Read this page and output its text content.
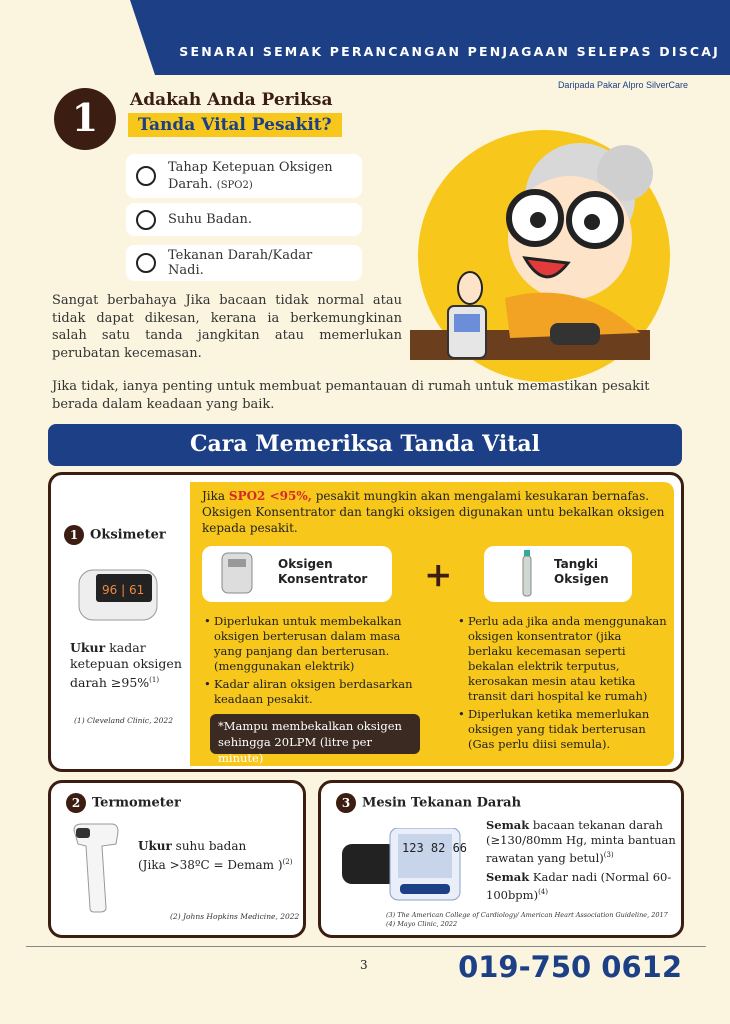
SENARAI SEMAK PERANCANGAN PENJAGAAN SELEPAS DISCAJ
Daripada Pakar Alpro SilverCare
1	Adakah Anda Periksa
Tanda Vital Pesakit?
Tahap Ketepuan Oksigen
Darah. (SPO2)
Suhu Badan.
Tekanan Darah/Kadar Nadi.
Sangat berbahaya Jika bacaan tidak normal atau tidak dapat dikesan, kerana ia berkemungkinan salah satu tanda jangkitan atau memerlukan perubatan kecemasan.
Jika tidak, ianya penting untuk membuat pemantauan di rumah untuk memastikan pesakit berada dalam keadaan yang baik.
Cara Memeriksa Tanda Vital
1 Oksimeter
96 | 61
Ukur kadar ketepuan oksigen darah ≥95%$^{(1)}$
(1) Cleveland Clinic, 2022
Jika SPO2 <95%, pesakit mungkin akan mengalami kesukaran bernafas. Oksigen Konsentrator dan tangki oksigen digunakan untu bekalkan oksigen kepada pesakit.
Oksigen
Konsentrator +	Tangki
Oksigen
• Diperlukan untuk membekalkan oksigen berterusan dalam masa yang panjang dan berterusan. (menggunakan elektrik)
• Kadar aliran oksigen berdasarkan keadaan pesakit.
*Mampu membekalkan oksigen sehingga 20LPM (litre per minute)
• Perlu ada jika anda menggunakan oksigen konsentrator (jika berlaku kecemasan seperti bekalan elektrik terputus, kerosakan mesin atau ketika transit dari hospital ke rumah)
• Diperlukan ketika memerlukan oksigen yang tidak berterusan (Gas perlu diisi semula).
2 Termometer
Ukur suhu badan
(Jika >38ºC = Demam )$^{(2)}$
(2) Johns Hopkins Medicine, 2022
3 Mesin Tekanan Darah
123 82 66
Semak bacaan tekanan darah (≥130/80mm Hg, minta bantuan rawatan yang betul)$^{(3)}$
Semak Kadar nadi (Normal 60- 100bpm)$^{(4)}$
(3) The American College of Cardiology/ American Heart Association Guideline, 2017
(4) Mayo Clinic, 2022
3	019-750 0612
